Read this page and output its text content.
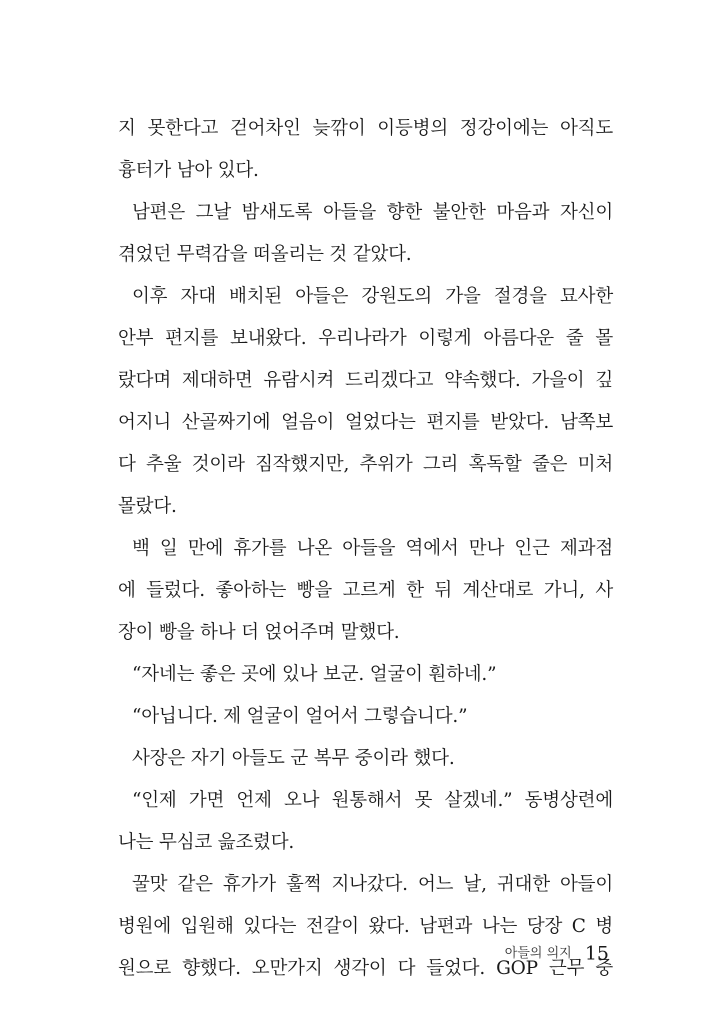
지 못한다고 걷어차인 늦깎이 이등병의 정강이에는 아직도
흉터가 남아 있다.
남편은 그날 밤새도록 아들을 향한 불안한 마음과 자신이
겪었던 무력감을 떠올리는 것 같았다.
이후 자대 배치된 아들은 강원도의 가을 절경을 묘사한
안부 편지를 보내왔다. 우리나라가 이렇게 아름다운 줄 몰
랐다며 제대하면 유람시켜 드리겠다고 약속했다. 가을이 깊
어지니 산골짜기에 얼음이 얼었다는 편지를 받았다. 남쪽보
다 추울 것이라 짐작했지만, 추위가 그리 혹독할 줄은 미처
몰랐다.
백 일 만에 휴가를 나온 아들을 역에서 만나 인근 제과점
에 들렀다. 좋아하는 빵을 고르게 한 뒤 계산대로 가니, 사
장이 빵을 하나 더 얹어주며 말했다.
“자네는 좋은 곳에 있나 보군. 얼굴이 훤하네.”
“아닙니다. 제 얼굴이 얼어서 그렇습니다.”
사장은 자기 아들도 군 복무 중이라 했다.
“인제 가면 언제 오나 원통해서 못 살겠네.” 동병상련에
나는 무심코 읊조렸다.
꿀맛 같은 휴가가 훌쩍 지나갔다. 어느 날, 귀대한 아들이
병원에 입원해 있다는 전갈이 왔다. 남편과 나는 당장 C 병
원으로 향했다. 오만가지 생각이 다 들었다. GOP 근무 중
아들의 의지 15
